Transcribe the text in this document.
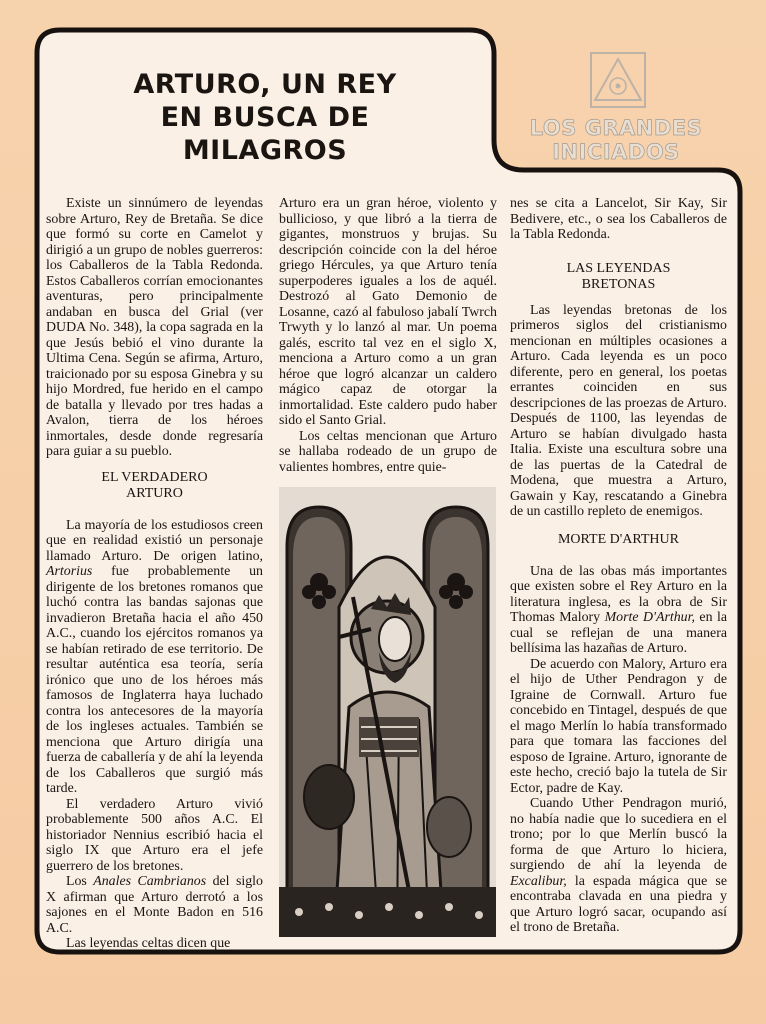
ARTURO, UN REY
EN BUSCA DE
MILAGROS
LOS GRANDES
INICIADOS

Existe un sinnúmero de leyendas sobre Arturo, Rey de Bretaña. Se dice que formó su corte en Camelot y dirigió a un grupo de nobles guerreros: los Caballeros de la Tabla Redonda. Estos Caballeros corrían emocionantes aventuras, pero principalmente andaban en busca del Grial (ver DUDA No. 348), la copa sagrada en la que Jesús bebió el vino durante la Ultima Cena. Según se afirma, Arturo, traicionado por su esposa Ginebra y su hijo Mordred, fue herido en el campo de batalla y llevado por tres hadas a Avalon, tierra de los héroes inmortales, desde donde regresaría para guiar a su pueblo.

EL VERDADERO
ARTURO

La mayoría de los estudiosos creen que en realidad existió un personaje llamado Arturo. De origen latino, Artorius fue probablemente un dirigente de los bretones romanos que luchó contra las bandas sajonas que invadieron Bretaña hacia el año 450 A.C., cuando los ejércitos romanos ya se habían retirado de ese territorio. De resultar auténtica esa teoría, sería irónico que uno de los héroes más famosos de Inglaterra haya luchado contra los antecesores de la mayoría de los ingleses actuales. También se menciona que Arturo dirigía una fuerza de caballería y de ahí la leyenda de los Caballeros que surgió más tarde.

El verdadero Arturo vivió probablemente 500 años A.C. El historiador Nennius escribió hacia el siglo IX que Arturo era el jefe guerrero de los bretones.

Los Anales Cambrianos del siglo X afirman que Arturo derrotó a los sajones en el Monte Badon en 516 A.C.

Las leyendas celtas dicen que

Arturo era un gran héroe, violento y bullicioso, y que libró a la tierra de gigantes, monstruos y brujas. Su descripción coincide con la del héroe griego Hércules, ya que Arturo tenía superpoderes iguales a los de aquél. Destrozó al Gato Demonio de Losanne, cazó al fabuloso jabalí Twrch Trwyth y lo lanzó al mar. Un poema galés, escrito tal vez en el siglo X, menciona a Arturo como a un gran héroe que logró alcanzar un caldero mágico capaz de otorgar la inmortalidad. Este caldero pudo haber sido el Santo Grial.

Los celtas mencionan que Arturo se hallaba rodeado de un grupo de valientes hombres, entre quie-

nes se cita a Lancelot, Sir Kay, Sir Bedivere, etc., o sea los Caballeros de la Tabla Redonda.

LAS LEYENDAS
BRETONAS

Las leyendas bretonas de los primeros siglos del cristianismo mencionan en múltiples ocasiones a Arturo. Cada leyenda es un poco diferente, pero en general, los poetas errantes coinciden en sus descripciones de las proezas de Arturo. Después de 1100, las leyendas de Arturo se habían divulgado hasta Italia. Existe una escultura sobre una de las puertas de la Catedral de Modena, que muestra a Arturo, Gawain y Kay, rescatando a Ginebra de un castillo repleto de enemigos.

MORTE D'ARTHUR

Una de las obas más importantes que existen sobre el Rey Arturo en la literatura inglesa, es la obra de Sir Thomas Malory Morte D'Arthur, en la cual se reflejan de una manera bellísima las hazañas de Arturo.

De acuerdo con Malory, Arturo era el hijo de Uther Pendragon y de Igraine de Cornwall. Arturo fue concebido en Tintagel, después de que el mago Merlín lo había transformado para que tomara las facciones del esposo de Igraine. Arturo, ignorante de este hecho, creció bajo la tutela de Sir Ector, padre de Kay.

Cuando Uther Pendragon murió, no había nadie que lo sucediera en el trono; por lo que Merlín buscó la forma de que Arturo lo hiciera, surgiendo de ahí la leyenda de Excalibur, la espada mágica que se encontraba clavada en una piedra y que Arturo logró sacar, ocupando así el trono de Bretaña.
